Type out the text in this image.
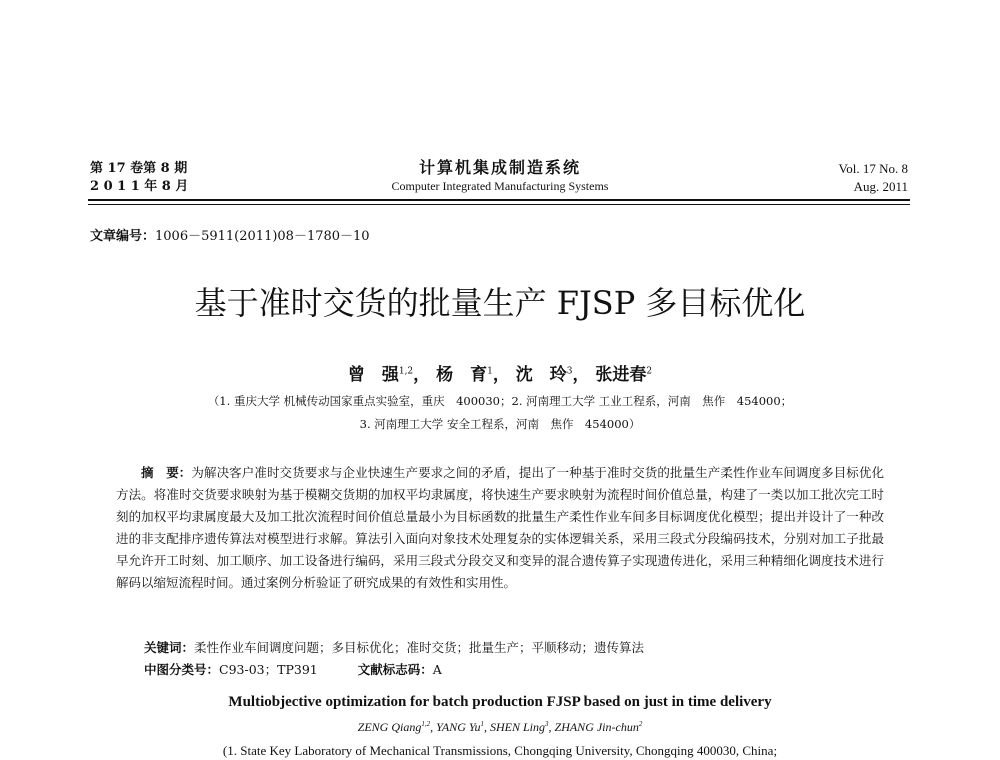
第 17 卷第 8 期
2 0 1 1 年 8 月
计算机集成制造系统
Computer Integrated Manufacturing Systems
Vol. 17 No. 8
Aug. 2011
文章编号：1006－5911(2011)08－1780－10
基于准时交货的批量生产 FJSP 多目标优化
曾　强$^{1,2}$， 杨　育$^1$， 沈　玲$^3$， 张进春$^2$
（1. 重庆大学 机械传动国家重点实验室，重庆　400030；2. 河南理工大学 工业工程系，河南　焦作　454000；
3. 河南理工大学 安全工程系，河南　焦作　454000）
摘　要：为解决客户准时交货要求与企业快速生产要求之间的矛盾，提出了一种基于准时交货的批量生产柔性作业车间调度多目标优化方法。将准时交货要求映射为基于模糊交货期的加权平均隶属度，将快速生产要求映射为流程时间价值总量，构建了一类以加工批次完工时刻的加权平均隶属度最大及加工批次流程时间价值总量最小为目标函数的批量生产柔性作业车间多目标调度优化模型；提出并设计了一种改进的非支配排序遗传算法对模型进行求解。算法引入面向对象技术处理复杂的实体逻辑关系，采用三段式分段编码技术，分别对加工子批最早允许开工时刻、加工顺序、加工设备进行编码，采用三段式分段交叉和变异的混合遗传算子实现遗传进化，采用三种精细化调度技术进行解码以缩短流程时间。通过案例分析验证了研究成果的有效性和实用性。
关键词：柔性作业车间调度问题；多目标优化；准时交货；批量生产；平顺移动；遗传算法
中图分类号：C93-03；TP391	文献标志码：A
Multiobjective optimization for batch production FJSP based on just in time delivery
ZENG Qiang$^{1,2}$, YANG Yu$^1$, SHEN Ling$^3$, ZHANG Jin-chun$^2$
(1. State Key Laboratory of Mechanical Transmissions, Chongqing University, Chongqing 400030, China;
